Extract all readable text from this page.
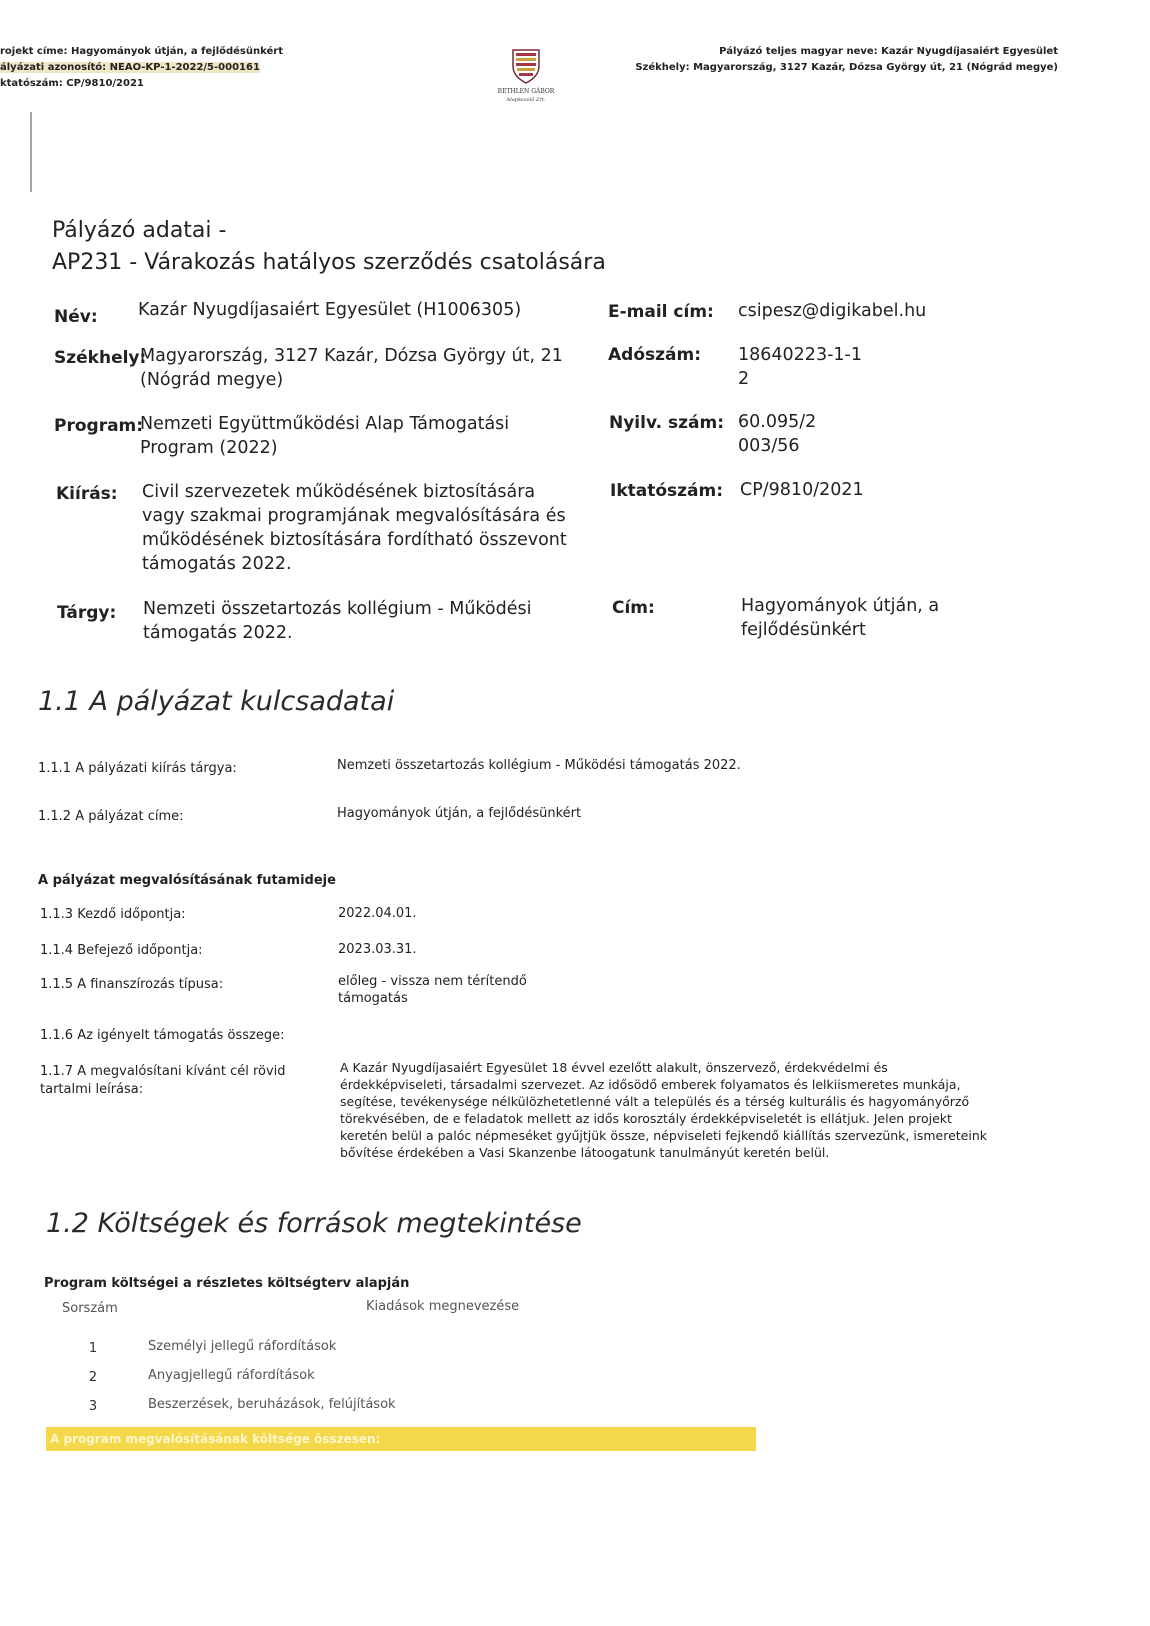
rojekt címe: Hagyományok útján, a fejlődésünkért
ályázati azonosító: NEAO-KP-1-2022/5-000161
ktatószám: CP/9810/2021
BETHLEN GÁBOR
Alapkezelő Zrt.
Pályázó teljes magyar neve: Kazár Nyugdíjasaiért Egyesület
Székhely: Magyarország, 3127 Kazár, Dózsa György út, 21 (Nógrád megye)
Pályázó adatai -
AP231 - Várakozás hatályos szerződés csatolására
Név: Kazár Nyugdíjasaiért Egyesület (H1006305)
Székhely:
Magyarország, 3127 Kazár, Dózsa György út, 21
(Nógrád megye)
Program:
Nemzeti Együttműködési Alap Támogatási
Program (2022)
Kiírás: Civil szervezetek működésének biztosítására
vagy szakmai programjának megvalósítására és
működésének biztosítására fordítható összevont
támogatás 2022.
Tárgy: Nemzeti összetartozás kollégium - Működési
támogatás 2022.
E-mail cím: csipesz@digikabel.hu
Adószám: 18640223-1-1
2
Nyilv. szám: 60.095/2
003/56
Iktatószám: CP/9810/2021
Cím:	Hagyományok útján, a
fejlődésünkért
1.1 A pályázat kulcsadatai
1.1.1 A pályázati kiírás tárgya:	Nemzeti összetartozás kollégium - Működési támogatás 2022.
1.1.2 A pályázat címe:	Hagyományok útján, a fejlődésünkért
A pályázat megvalósításának futamideje
1.1.3 Kezdő időpontja:	2022.04.01.
1.1.4 Befejező időpontja:	2023.03.31.
1.1.5 A finanszírozás típusa:	előleg - vissza nem térítendő
támogatás
1.1.6 Az igényelt támogatás összege:
1.1.7 A megvalósítani kívánt cél rövid
tartalmi leírása:
A Kazár Nyugdíjasaiért Egyesület 18 évvel ezelőtt alakult, önszervező, érdekvédelmi és
érdekképviseleti, társadalmi szervezet. Az idősödő emberek folyamatos és lelkiismeretes munkája,
segítése, tevékenysége nélkülözhetetlenné vált a település és a térség kulturális és hagyományőrző
törekvésében, de e feladatok mellett az idős korosztály érdekképviseletét is ellátjuk. Jelen projekt
keretén belül a palóc népmeséket gyűjtjük össze, népviseleti fejkendő kiállítás szervezünk, ismereteink
bővítése érdekében a Vasi Skanzenbe látoogatunk tanulmányút keretén belül.
1.2 Költségek és források megtekintése
Program költségei a részletes költségterv alapján
Sorszám	Kiadások megnevezése
1	Személyi jellegű ráfordítások
2	Anyagjellegű ráfordítások
3	Beszerzések, beruházások, felújítások
A program megvalósításának költsége összesen:
